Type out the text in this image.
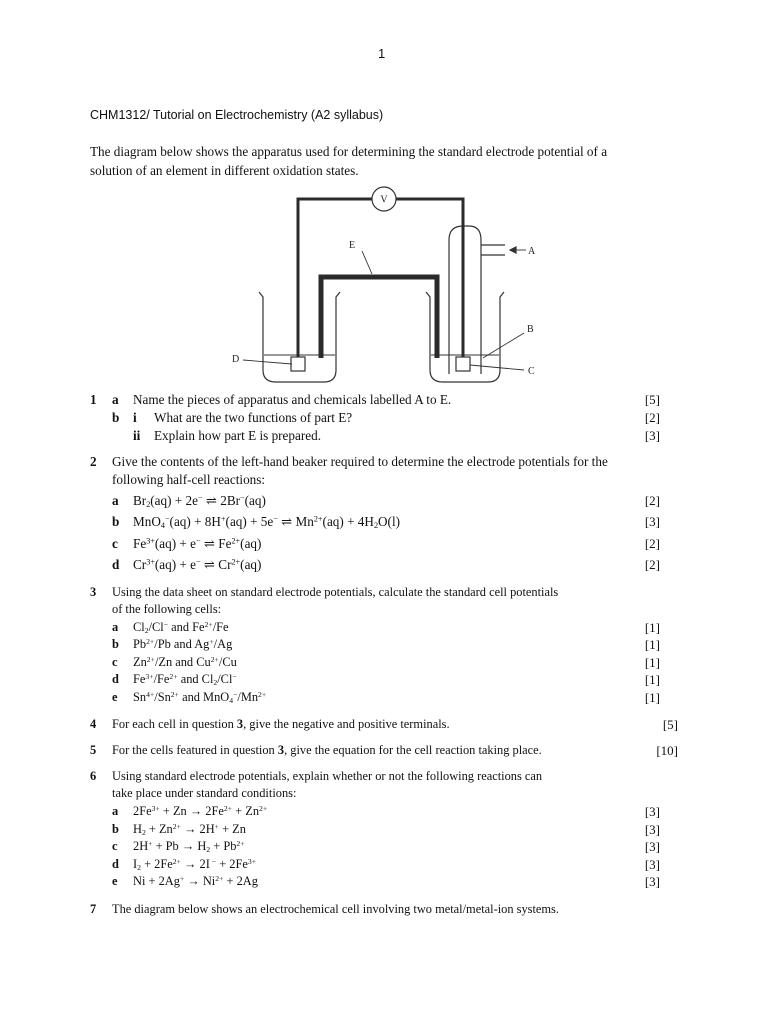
1
CHM1312/ Tutorial on Electrochemistry (A2 syllabus)
The diagram below shows the apparatus used for determining the standard electrode potential of a
solution of an element in different oxidation states.
V
E
A
B
C
D
1 a Name the pieces of apparatus and chemicals labelled A to E.	[5]
b i What are the two functions of part E?	[2]
ii Explain how part E is prepared.	[3]
2 Give the contents of the left-hand beaker required to determine the electrode potentials for the
following half-cell reactions:
a $Br_2(aq) + 2e^-$ ⇌ 2Br−(aq)	[2]
b MnO$_4$−(aq) + 8H+(aq) + 5e− ⇌ $Mn^{2+}(aq) + 4H_2O(l)$	[3]
c $Fe^{3+}(aq) + e^-$ ⇌ $Fe^{2+}(aq)$	[2]
d $Cr^{3+}(aq) + e^-$ ⇌ $Cr^{2+}(aq)$	[2]
3 Using the data sheet on standard electrode potentials, calculate the standard cell potentials
of the following cells:
a $Cl_2/Cl^-$ and $Fe^{2+}/Fe$	[1]
b $Pb^{2+}/Pb$ and Ag+/Ag	[1]
c $Zn^{2+}/Zn$ and $Cu^{2+}/Cu$	[1]
d $Fe^{3+}/Fe^{2+}$ and $Cl_2/Cl^-$	[1]
e $Sn^{4+}/Sn^{2+}$ and $MnO_4^-/Mn^{2+}$	[1]
4 For each cell in question 3, give the negative and positive terminals.	[5]
5 For the cells featured in question 3, give the equation for the cell reaction taking place.	[10]
6 Using standard electrode potentials, explain whether or not the following reactions can
take place under standard conditions:
a $2Fe^{3+} + Zn \to 2Fe^{2+} + Zn^{2+}$	[3]
b $H_2 + Zn^{2+} \to 2H^+ + Zn$	[3]
c $2H^+ + Pb \to H_2 + Pb^{2+}$	[3]
d $I_2 + 2Fe^{2+} \to 2I$ $^- + 2Fe^{3+}$	[3]
e $Ni + 2Ag^+ \to Ni^{2+} + 2Ag$	[3]
7 The diagram below shows an electrochemical cell involving two metal/metal-ion systems.
